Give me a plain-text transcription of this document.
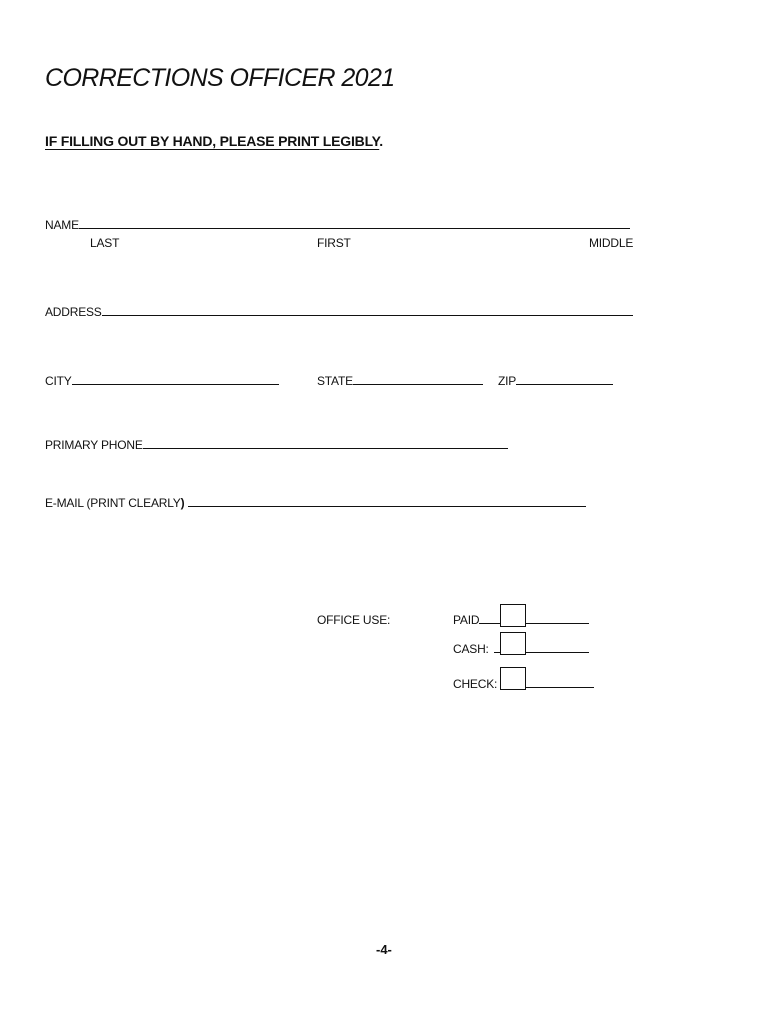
CORRECTIONS OFFICER 2021
IF FILLING OUT BY HAND, PLEASE PRINT LEGIBLY.
NAME
LAST	FIRST	MIDDLE
ADDRESS
CITY	STATE	ZIP
PRIMARY PHONE
E-MAIL (PRINT CLEARLY)
OFFICE USE:	PAID
CASH:
CHECK:
-4-
